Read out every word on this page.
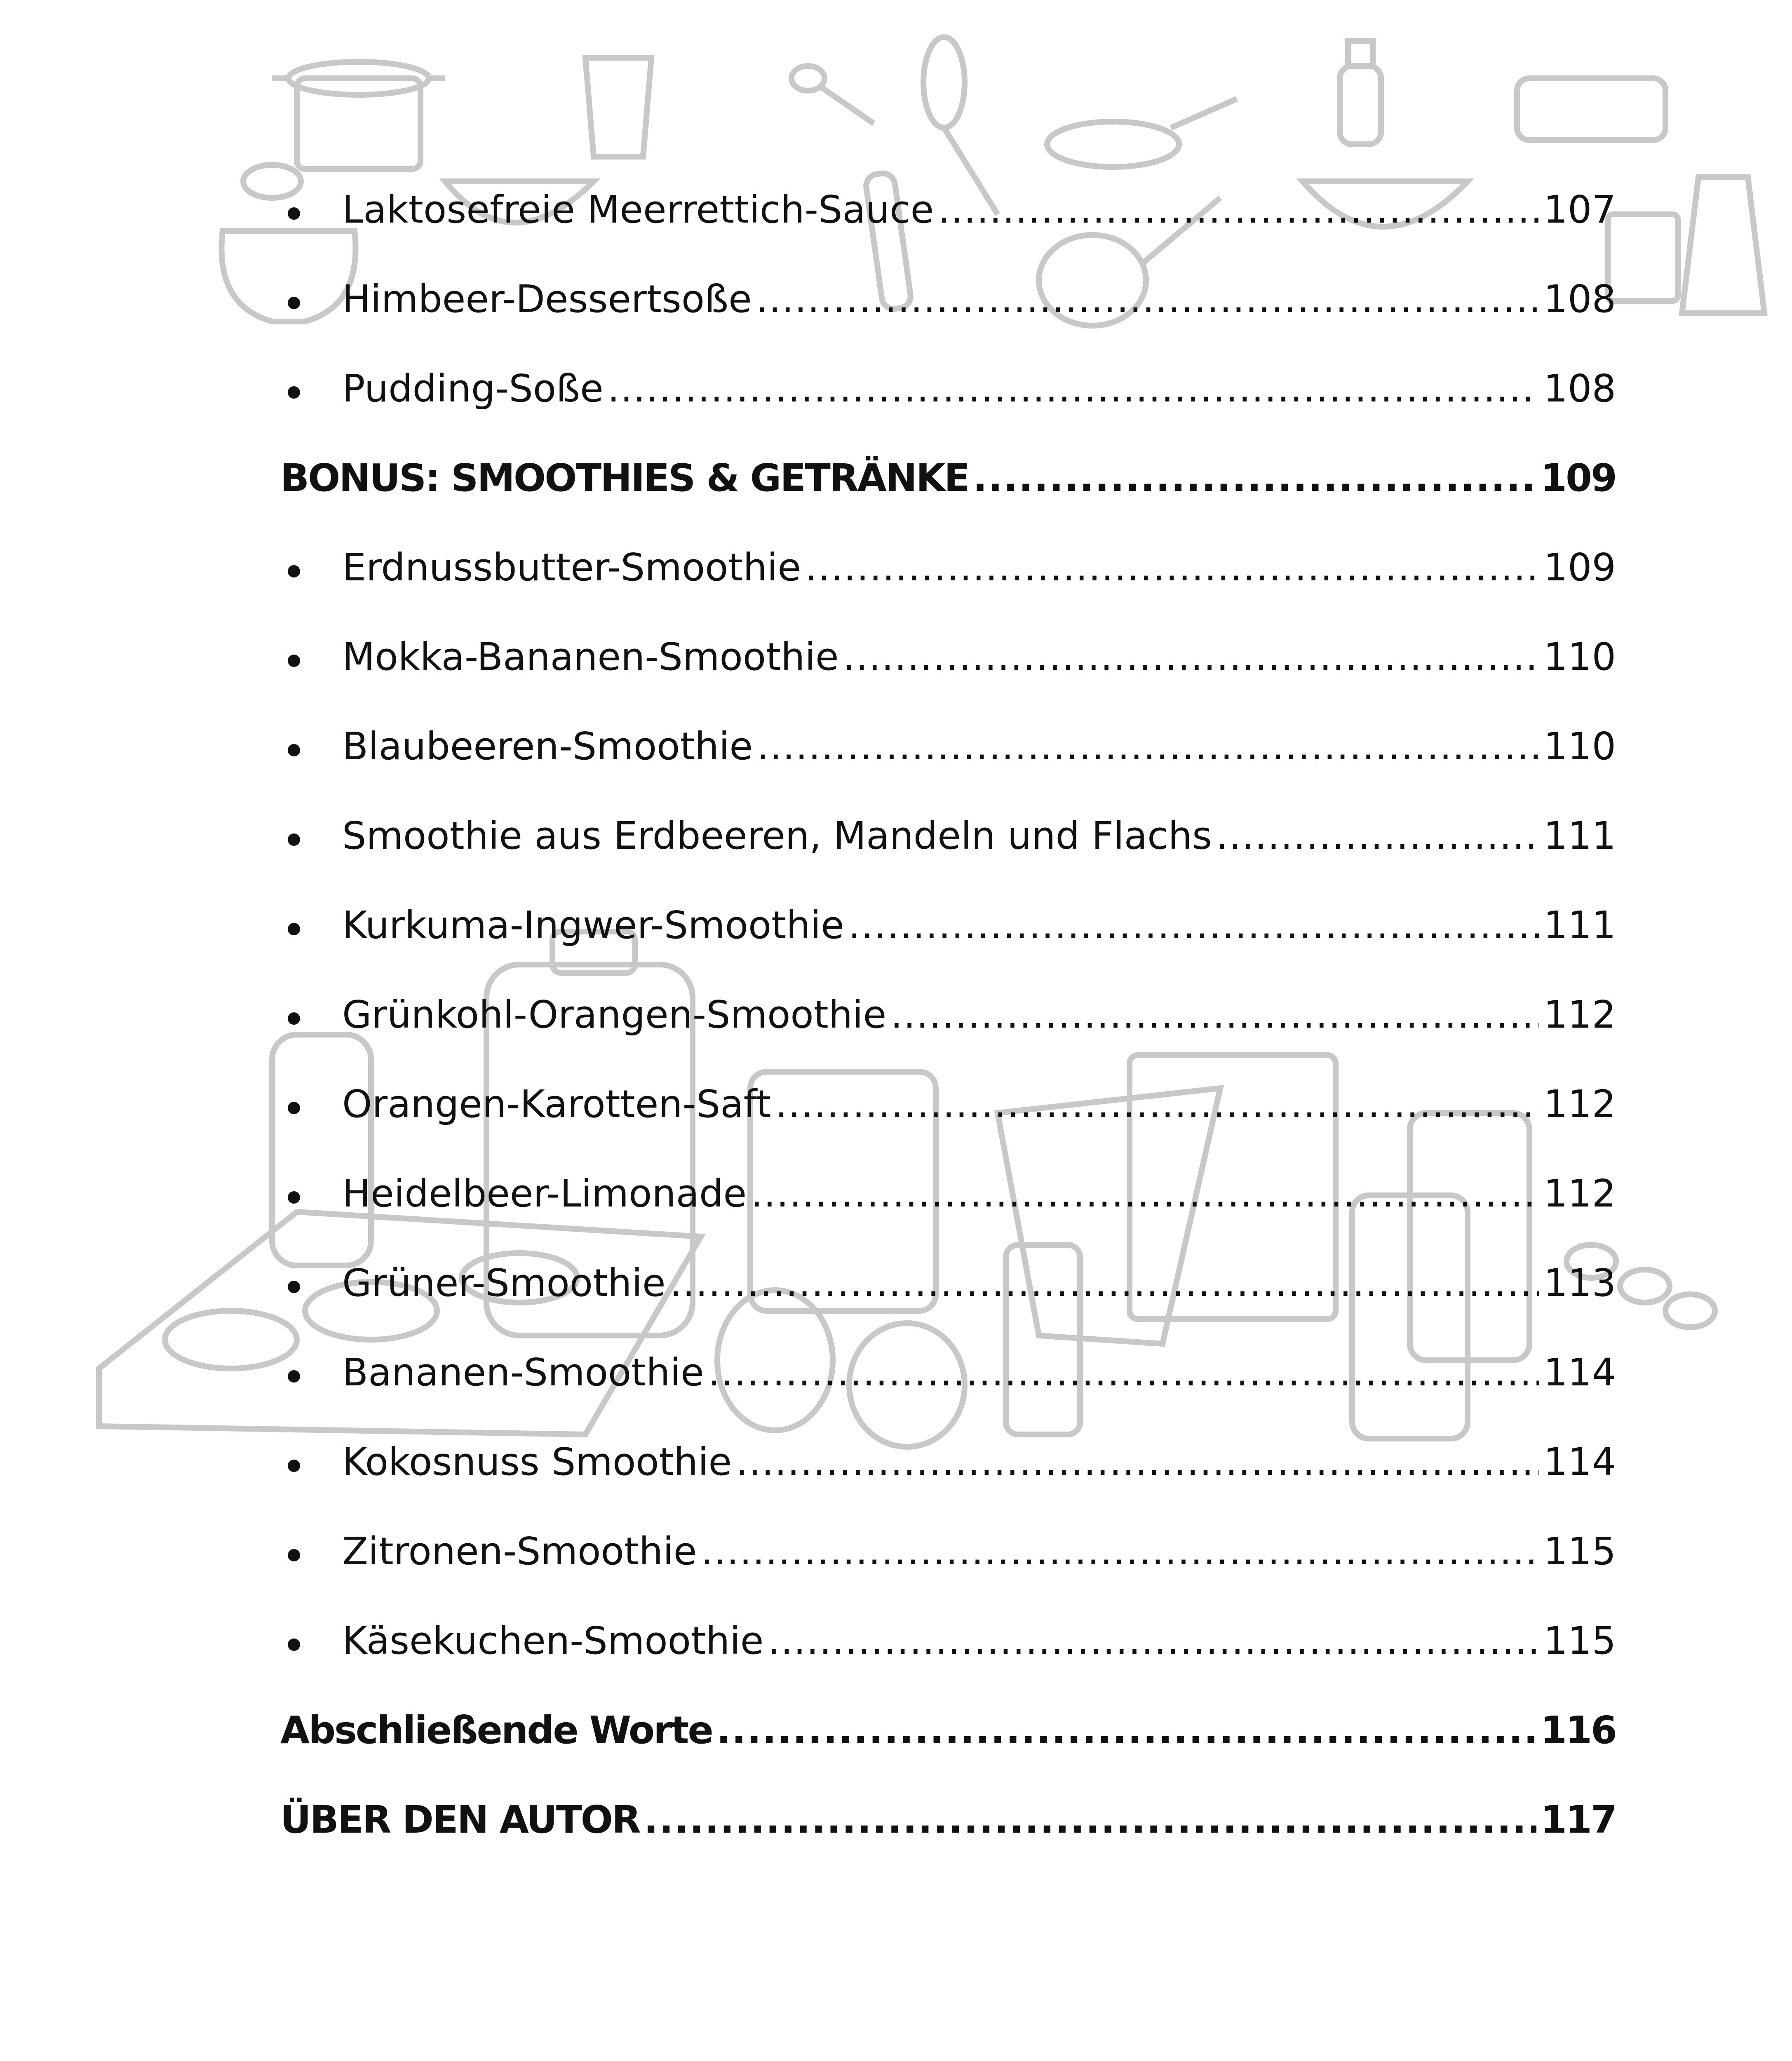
Laktosefreie Meerrettich-Sauce .....	107
Himbeer-Dessertsoße .....	108
Pudding-Soße .....	108
BONUS: SMOOTHIES & GETRÄNKE .....	109
Erdnussbutter-Smoothie .....	109
Mokka-Bananen-Smoothie .....	110
Blaubeeren-Smoothie .....	110
Smoothie aus Erdbeeren, Mandeln und Flachs .....	111
Kurkuma-Ingwer-Smoothie .....	111
Grünkohl-Orangen-Smoothie .....	112
Orangen-Karotten-Saft .....	112
Heidelbeer-Limonade .....	112
Grüner-Smoothie .....	113
Bananen-Smoothie .....	114
Kokosnuss Smoothie .....	114
Zitronen-Smoothie .....	115
Käsekuchen-Smoothie .....	115
Abschließende Worte .....	116
ÜBER DEN AUTOR .....	117
